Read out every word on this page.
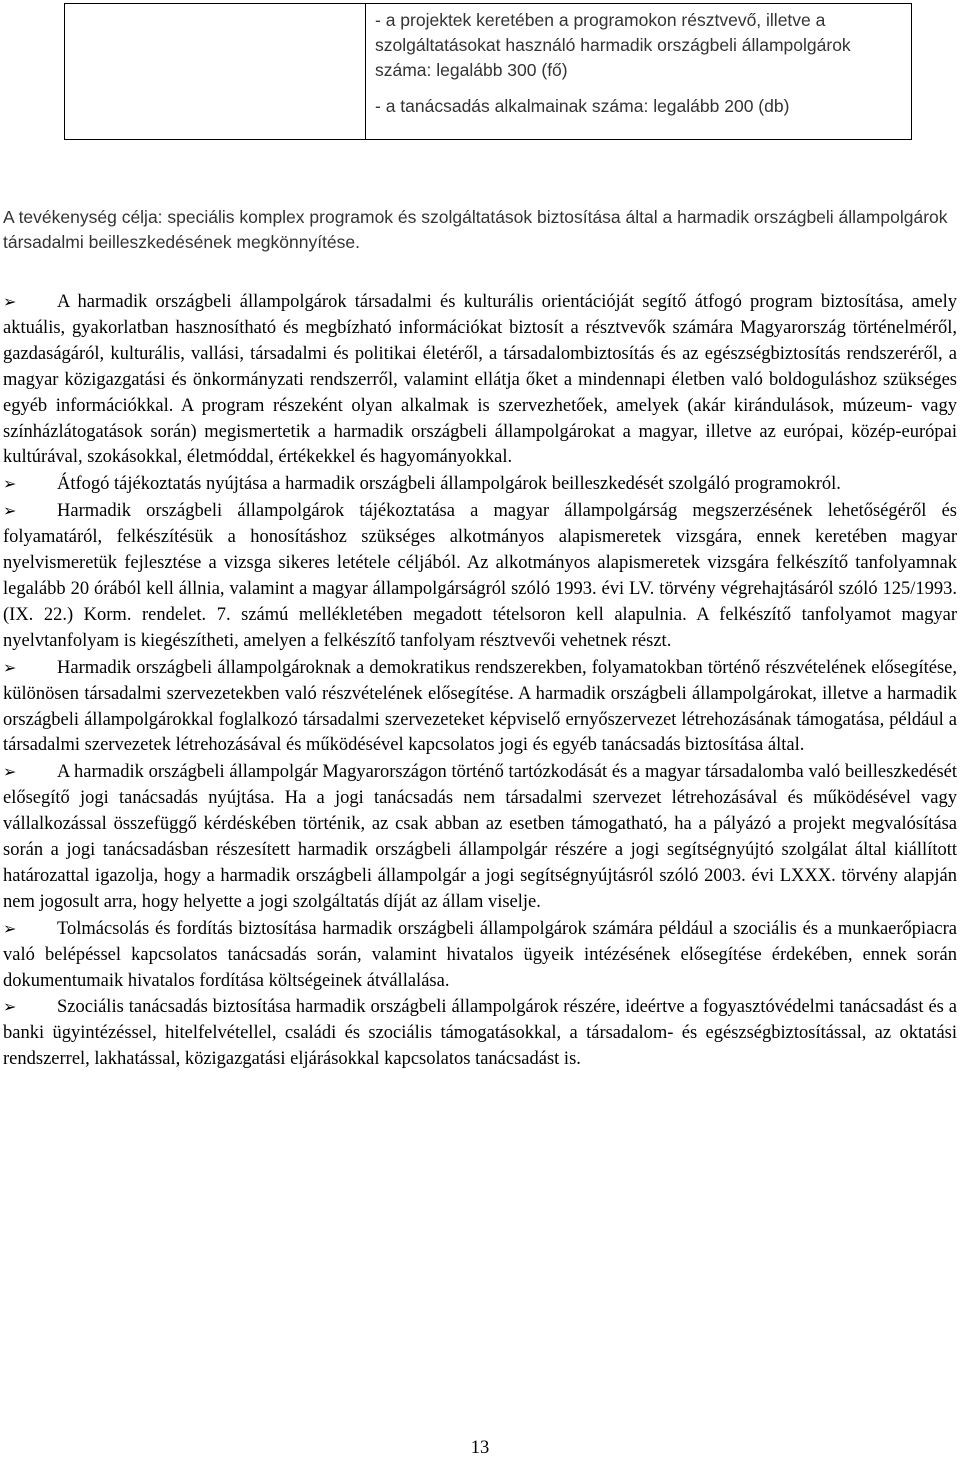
- a projektek keretében a programokon résztvevő, illetve a szolgáltatásokat használó harmadik országbeli állampolgárok száma: legalább 300 (fő)

- a tanácsadás alkalmainak száma: legalább 200 (db)

A tevékenység célja: speciális komplex programok és szolgáltatások biztosítása által a harmadik országbeli állampolgárok társadalmi beilleszkedésének megkönnyítése.

➢ A harmadik országbeli állampolgárok társadalmi és kulturális orientációját segítő átfogó program biztosítása, amely aktuális, gyakorlatban hasznosítható és megbízható információkat biztosít a résztvevők számára Magyarország történelméről, gazdaságáról, kulturális, vallási, társadalmi és politikai életéről, a társadalombiztosítás és az egészségbiztosítás rendszeréről, a magyar közigazgatási és önkormányzati rendszerről, valamint ellátja őket a mindennapi életben való boldoguláshoz szükséges egyéb információkkal. A program részeként olyan alkalmak is szervezhetőek, amelyek (akár kirándulások, múzeum- vagy színházlátogatások során) megismertetik a harmadik országbeli állampolgárokat a magyar, illetve az európai, közép-európai kultúrával, szokásokkal, életmóddal, értékekkel és hagyományokkal.

➢ Átfogó tájékoztatás nyújtása a harmadik országbeli állampolgárok beilleszkedését szolgáló programokról.

➢ Harmadik országbeli állampolgárok tájékoztatása a magyar állampolgárság megszerzésének lehetőségéről és folyamatáról, felkészítésük a honosításhoz szükséges alkotmányos alapismeretek vizsgára, ennek keretében magyar nyelvismeretük fejlesztése a vizsga sikeres letétele céljából. Az alkotmányos alapismeretek vizsgára felkészítő tanfolyamnak legalább 20 órából kell állnia, valamint a magyar állampolgárságról szóló 1993. évi LV. törvény végrehajtásáról szóló 125/1993. (IX. 22.) Korm. rendelet. 7. számú mellékletében megadott tételsoron kell alapulnia. A felkészítő tanfolyamot magyar nyelvtanfolyam is kiegészítheti, amelyen a felkészítő tanfolyam résztvevői vehetnek részt.

➢ Harmadik országbeli állampolgároknak a demokratikus rendszerekben, folyamatokban történő részvételének elősegítése, különösen társadalmi szervezetekben való részvételének elősegítése. A harmadik országbeli állampolgárokat, illetve a harmadik országbeli állampolgárokkal foglalkozó társadalmi szervezeteket képviselő ernyőszervezet létrehozásának támogatása, például a társadalmi szervezetek létrehozásával és működésével kapcsolatos jogi és egyéb tanácsadás biztosítása által.

➢ A harmadik országbeli állampolgár Magyarországon történő tartózkodását és a magyar társadalomba való beilleszkedését elősegítő jogi tanácsadás nyújtása. Ha a jogi tanácsadás nem társadalmi szervezet létrehozásával és működésével vagy vállalkozással összefüggő kérdéskében történik, az csak abban az esetben támogatható, ha a pályázó a projekt megvalósítása során a jogi tanácsadásban részesített harmadik országbeli állampolgár részére a jogi segítségnyújtó szolgálat által kiállított határozattal igazolja, hogy a harmadik országbeli állampolgár a jogi segítségnyújtásról szóló 2003. évi LXXX. törvény alapján nem jogosult arra, hogy helyette a jogi szolgáltatás díját az állam viselje.

➢ Tolmácsolás és fordítás biztosítása harmadik országbeli állampolgárok számára például a szociális és a munkaerőpiacra való belépéssel kapcsolatos tanácsadás során, valamint hivatalos ügyeik intézésének elősegítése érdekében, ennek során dokumentumaik hivatalos fordítása költségeinek átvállalása.

➢ Szociális tanácsadás biztosítása harmadik országbeli állampolgárok részére, ideértve a fogyasztóvédelmi tanácsadást és a banki ügyintézéssel, hitelfelvétellel, családi és szociális támogatásokkal, a társadalom- és egészségbiztosítással, az oktatási rendszerrel, lakhatással, közigazgatási eljárásokkal kapcsolatos tanácsadást is.

13
